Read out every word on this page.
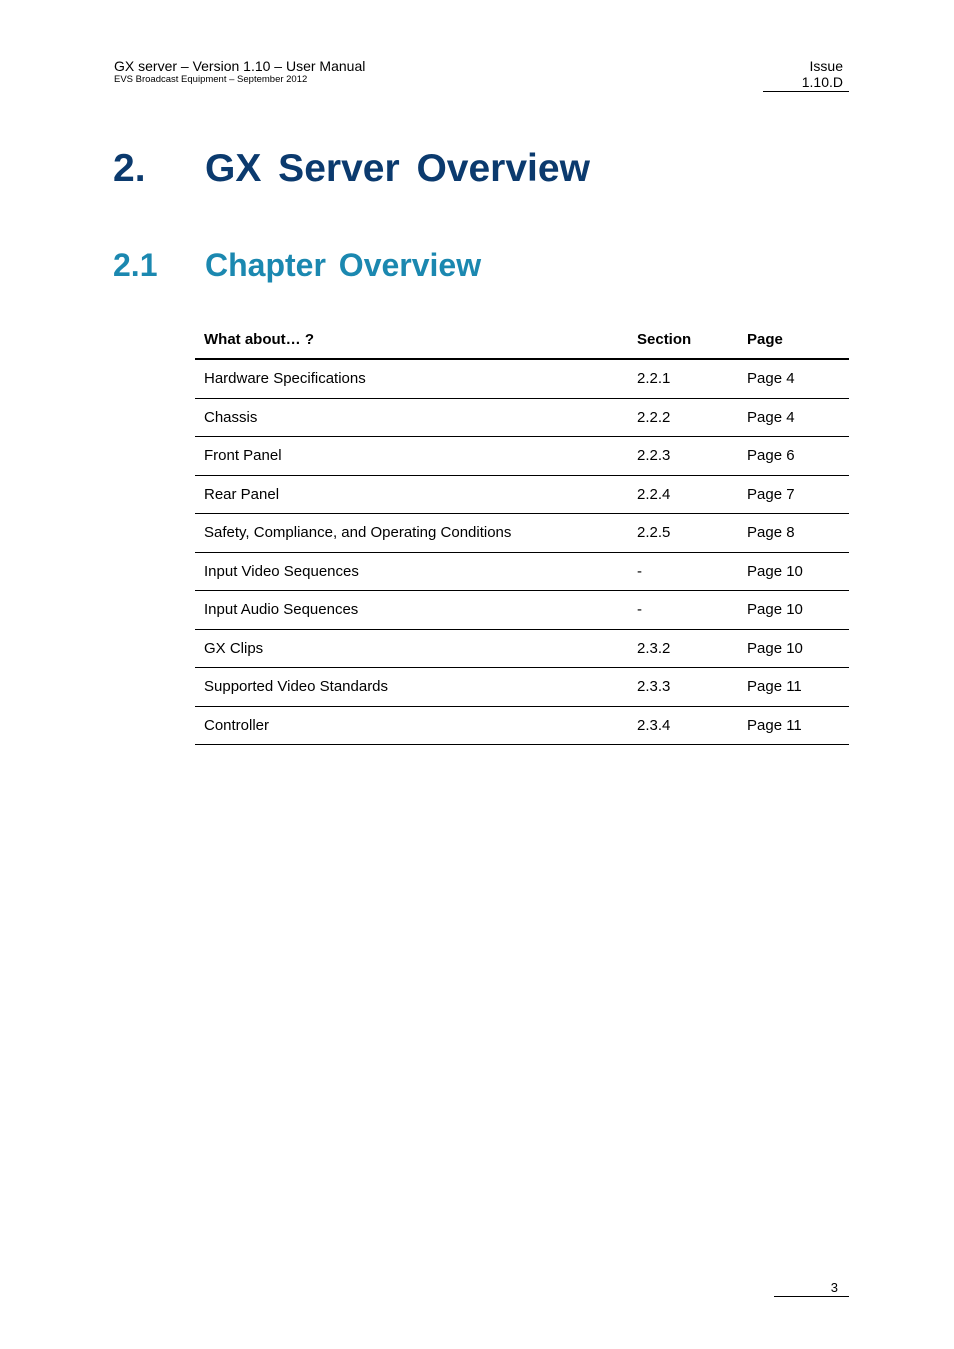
GX server – Version 1.10 – User Manual
EVS Broadcast Equipment – September 2012
Issue
1.10.D
2. GX Server Overview
2.1 Chapter Overview
What about… ?	Section	Page
Hardware Specifications	2.2.1	Page 4
Chassis	2.2.2	Page 4
Front Panel	2.2.3	Page 6
Rear Panel	2.2.4	Page 7
Safety, Compliance, and Operating Conditions	2.2.5	Page 8
Input Video Sequences	-	Page 10
Input Audio Sequences	-	Page 10
GX Clips	2.3.2	Page 10
Supported Video Standards	2.3.3	Page 11
Controller	2.3.4	Page 11
3
